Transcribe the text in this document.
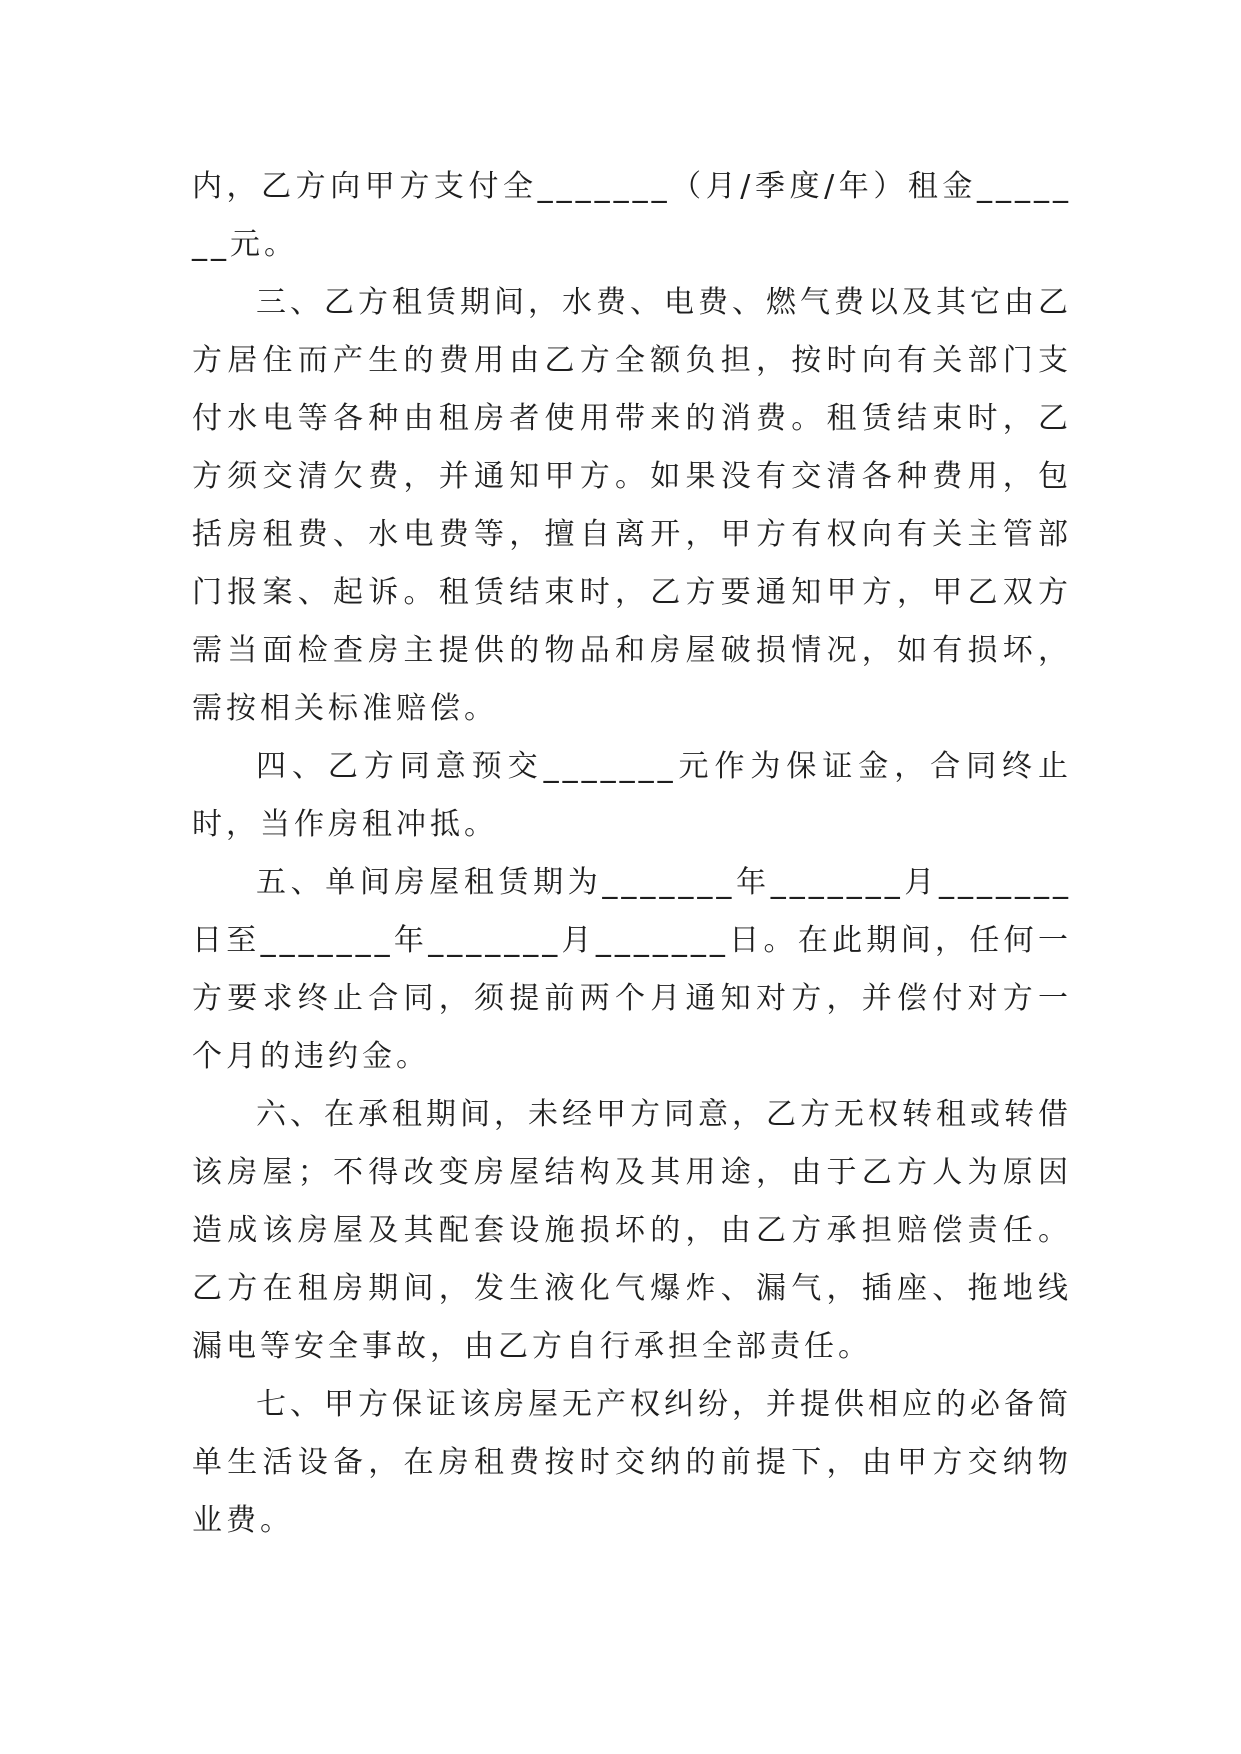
内，乙方向甲方支付全_______（月/季度/年）租金_______元。

三、乙方租赁期间，水费、电费、燃气费以及其它由乙方居住而产生的费用由乙方全额负担，按时向有关部门支付水电等各种由租房者使用带来的消费。租赁结束时，乙方须交清欠费，并通知甲方。如果没有交清各种费用，包括房租费、水电费等，擅自离开，甲方有权向有关主管部门报案、起诉。租赁结束时，乙方要通知甲方，甲乙双方需当面检查房主提供的物品和房屋破损情况，如有损坏，需按相关标准赔偿。

四、乙方同意预交_______元作为保证金，合同终止时，当作房租冲抵。

五、单间房屋租赁期为_______年_______月_______日至_______年_______月_______日。在此期间，任何一方要求终止合同，须提前两个月通知对方，并偿付对方一个月的违约金。

六、在承租期间，未经甲方同意，乙方无权转租或转借该房屋；不得改变房屋结构及其用途，由于乙方人为原因造成该房屋及其配套设施损坏的，由乙方承担赔偿责任。乙方在租房期间，发生液化气爆炸、漏气，插座、拖地线漏电等安全事故，由乙方自行承担全部责任。

七、甲方保证该房屋无产权纠纷，并提供相应的必备简单生活设备，在房租费按时交纳的前提下，由甲方交纳物业费。
